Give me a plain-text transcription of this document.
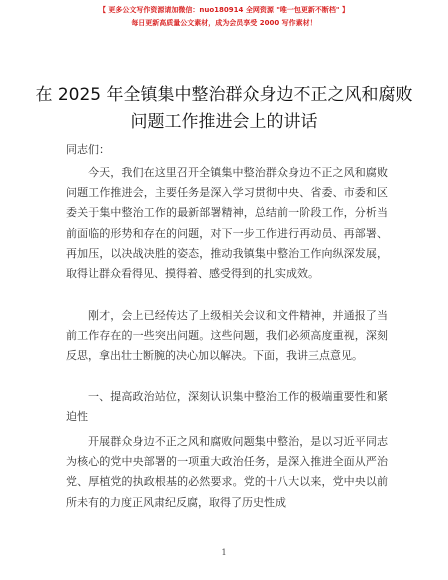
【 更多公文写作资源请加微信：nuo180914 全网资源 "唯一包更新不断档" 】
每日更新高质量公文素材，成为会员享受 2000 写作素材！
在 2025 年全镇集中整治群众身边不正之风和腐败问题工作推进会上的讲话
同志们：
今天，我们在这里召开全镇集中整治群众身边不正之风和腐败问题工作推进会，主要任务是深入学习贯彻中央、省委、市委和区委关于集中整治工作的最新部署精神，总结前一阶段工作，分析当前面临的形势和存在的问题，对下一步工作进行再动员、再部署、再加压，以决战决胜的姿态，推动我镇集中整治工作向纵深发展，取得让群众看得见、摸得着、感受得到的扎实成效。
刚才，会上已经传达了上级相关会议和文件精神，并通报了当前工作存在的一些突出问题。这些问题，我们必须高度重视，深刻反思，拿出壮士断腕的决心加以解决。下面，我讲三点意见。
一、提高政治站位，深刻认识集中整治工作的极端重要性和紧迫性
开展群众身边不正之风和腐败问题集中整治，是以习近平同志为核心的党中央部署的一项重大政治任务，是深入推进全面从严治党、厚植党的执政根基的必然要求。党的十八大以来，党中央以前所未有的力度正风肃纪反腐，取得了历史性成
1
